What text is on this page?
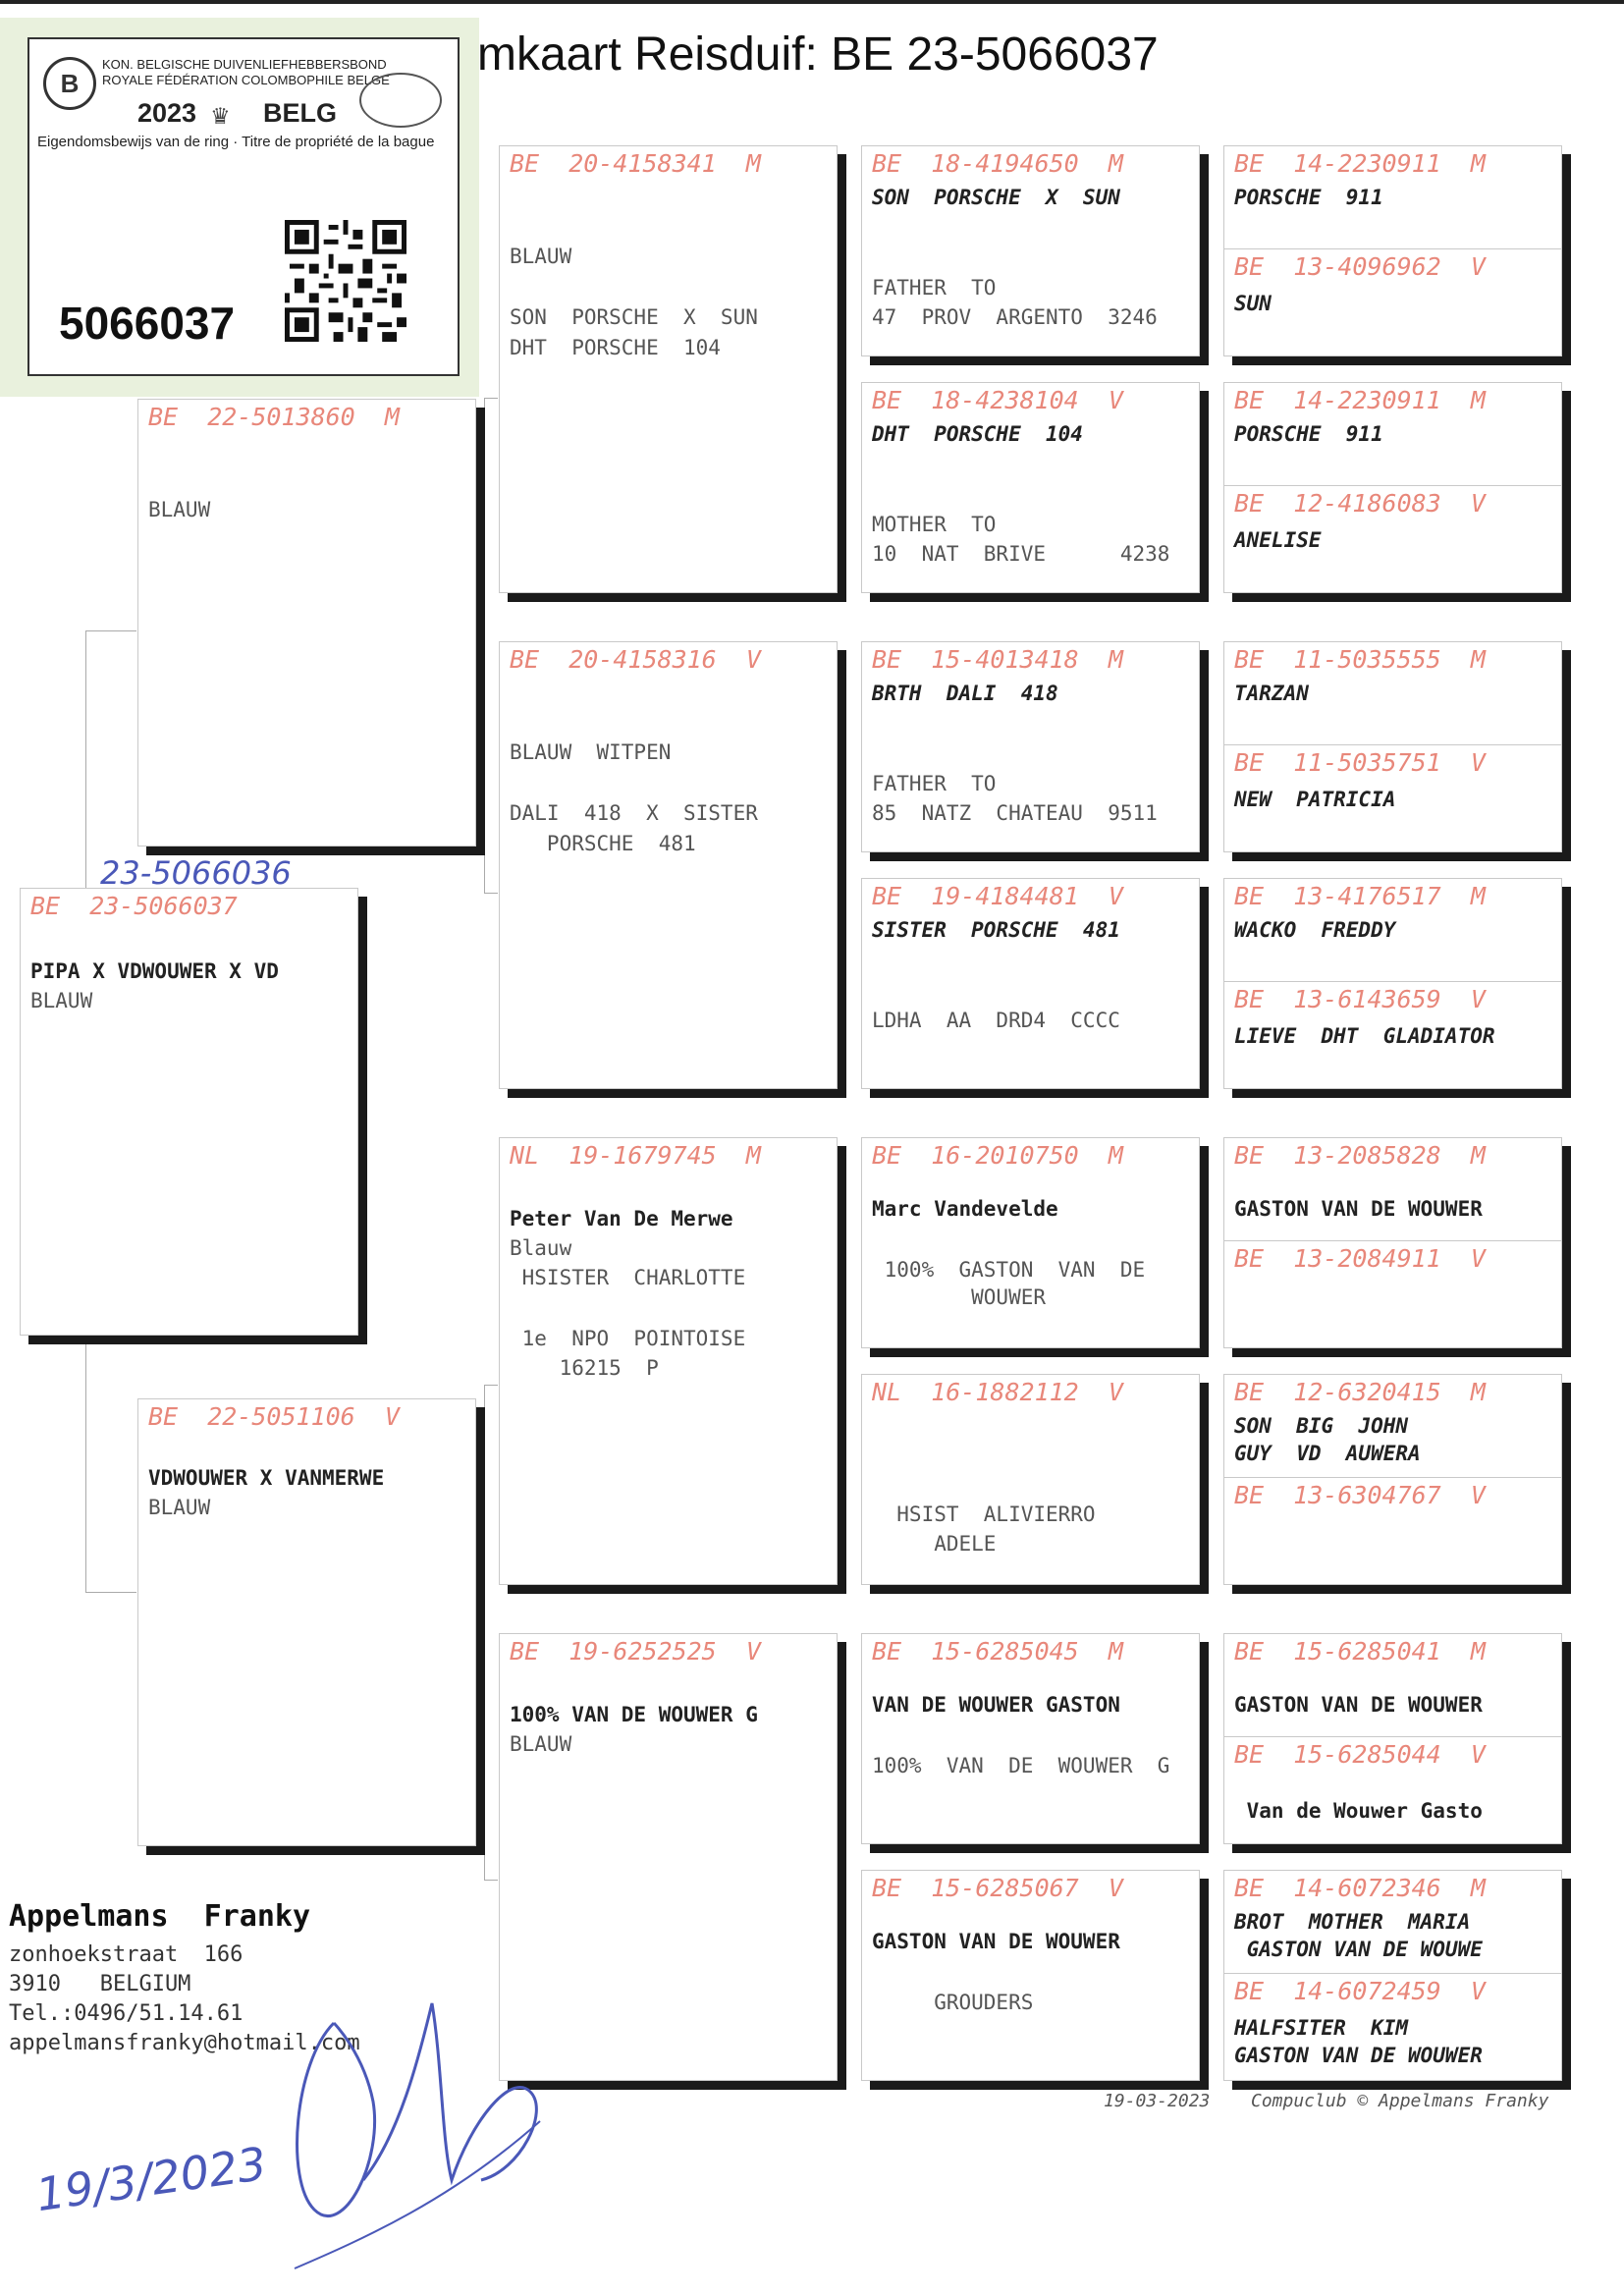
B
KON. BELGISCHE DUIVENLIEFHEBBERSBOND
ROYALE FÉDÉRATION COLOMBOPHILE BELGE
2023 ♛ BELG
Eigendomsbewijs van de ring · Titre de propriété de la bague
5066037
mkaart Reisduif: BE 23-5066037
BE  23-5066037
PIPA X VDWOUWER X VD
BLAUW
BE  22-5013860  M
BLAUW
BE  22-5051106  V
VDWOUWER X VANMERWE
BLAUW
BE  20-4158341  M
BLAUW
SON  PORSCHE  X  SUN
DHT  PORSCHE  104
BE  20-4158316  V
BLAUW  WITPEN
DALI  418  X  SISTER
PORSCHE  481
NL  19-1679745  M
Peter Van De Merwe
Blauw
HSISTER  CHARLOTTE
1e  NPO  POINTOISE
16215  P
BE  19-6252525  V
100% VAN DE WOUWER G
BLAUW
BE  18-4194650  M
SON  PORSCHE  X  SUN
FATHER  TO
47  PROV  ARGENTO  3246
BE  18-4238104  V
DHT  PORSCHE  104
MOTHER  TO
10  NAT  BRIVE      4238
BE  15-4013418  M
BRTH  DALI  418
FATHER  TO
85  NATZ  CHATEAU  9511
BE  19-4184481  V
SISTER  PORSCHE  481
LDHA  AA  DRD4  CCCC
BE  16-2010750  M
Marc Vandevelde
100%  GASTON  VAN  DE
WOUWER
NL  16-1882112  V
HSIST  ALIVIERRO
ADELE
BE  15-6285045  M
VAN DE WOUWER GASTON
100%  VAN  DE  WOUWER  G
BE  15-6285067  V
GASTON VAN DE WOUWER
GROUDERS
BE  14-2230911  M
PORSCHE  911
BE  13-4096962  V
SUN
BE  14-2230911  M
PORSCHE  911
BE  12-4186083  V
ANELISE
BE  11-5035555  M
TARZAN
BE  11-5035751  V
NEW  PATRICIA
BE  13-4176517  M
WACKO  FREDDY
BE  13-6143659  V
LIEVE  DHT  GLADIATOR
BE  13-2085828  M
GASTON VAN DE WOUWER
BE  13-2084911  V
BE  12-6320415  M
SON  BIG  JOHN
GUY  VD  AUWERA
BE  13-6304767  V
BE  15-6285041  M
GASTON VAN DE WOUWER
BE  15-6285044  V
Van de Wouwer Gasto
BE  14-6072346  M
BROT  MOTHER  MARIA
GASTON VAN DE WOUWE
BE  14-6072459  V
HALFSITER  KIM
GASTON VAN DE WOUWER
Appelmans  Franky
zonhoekstraat  166
3910   BELGIUM
Tel.:0496/51.14.61
appelmansfranky@hotmail.com
19-03-2023 Compuclub © Appelmans Franky
23-5066036
19/3/2023
